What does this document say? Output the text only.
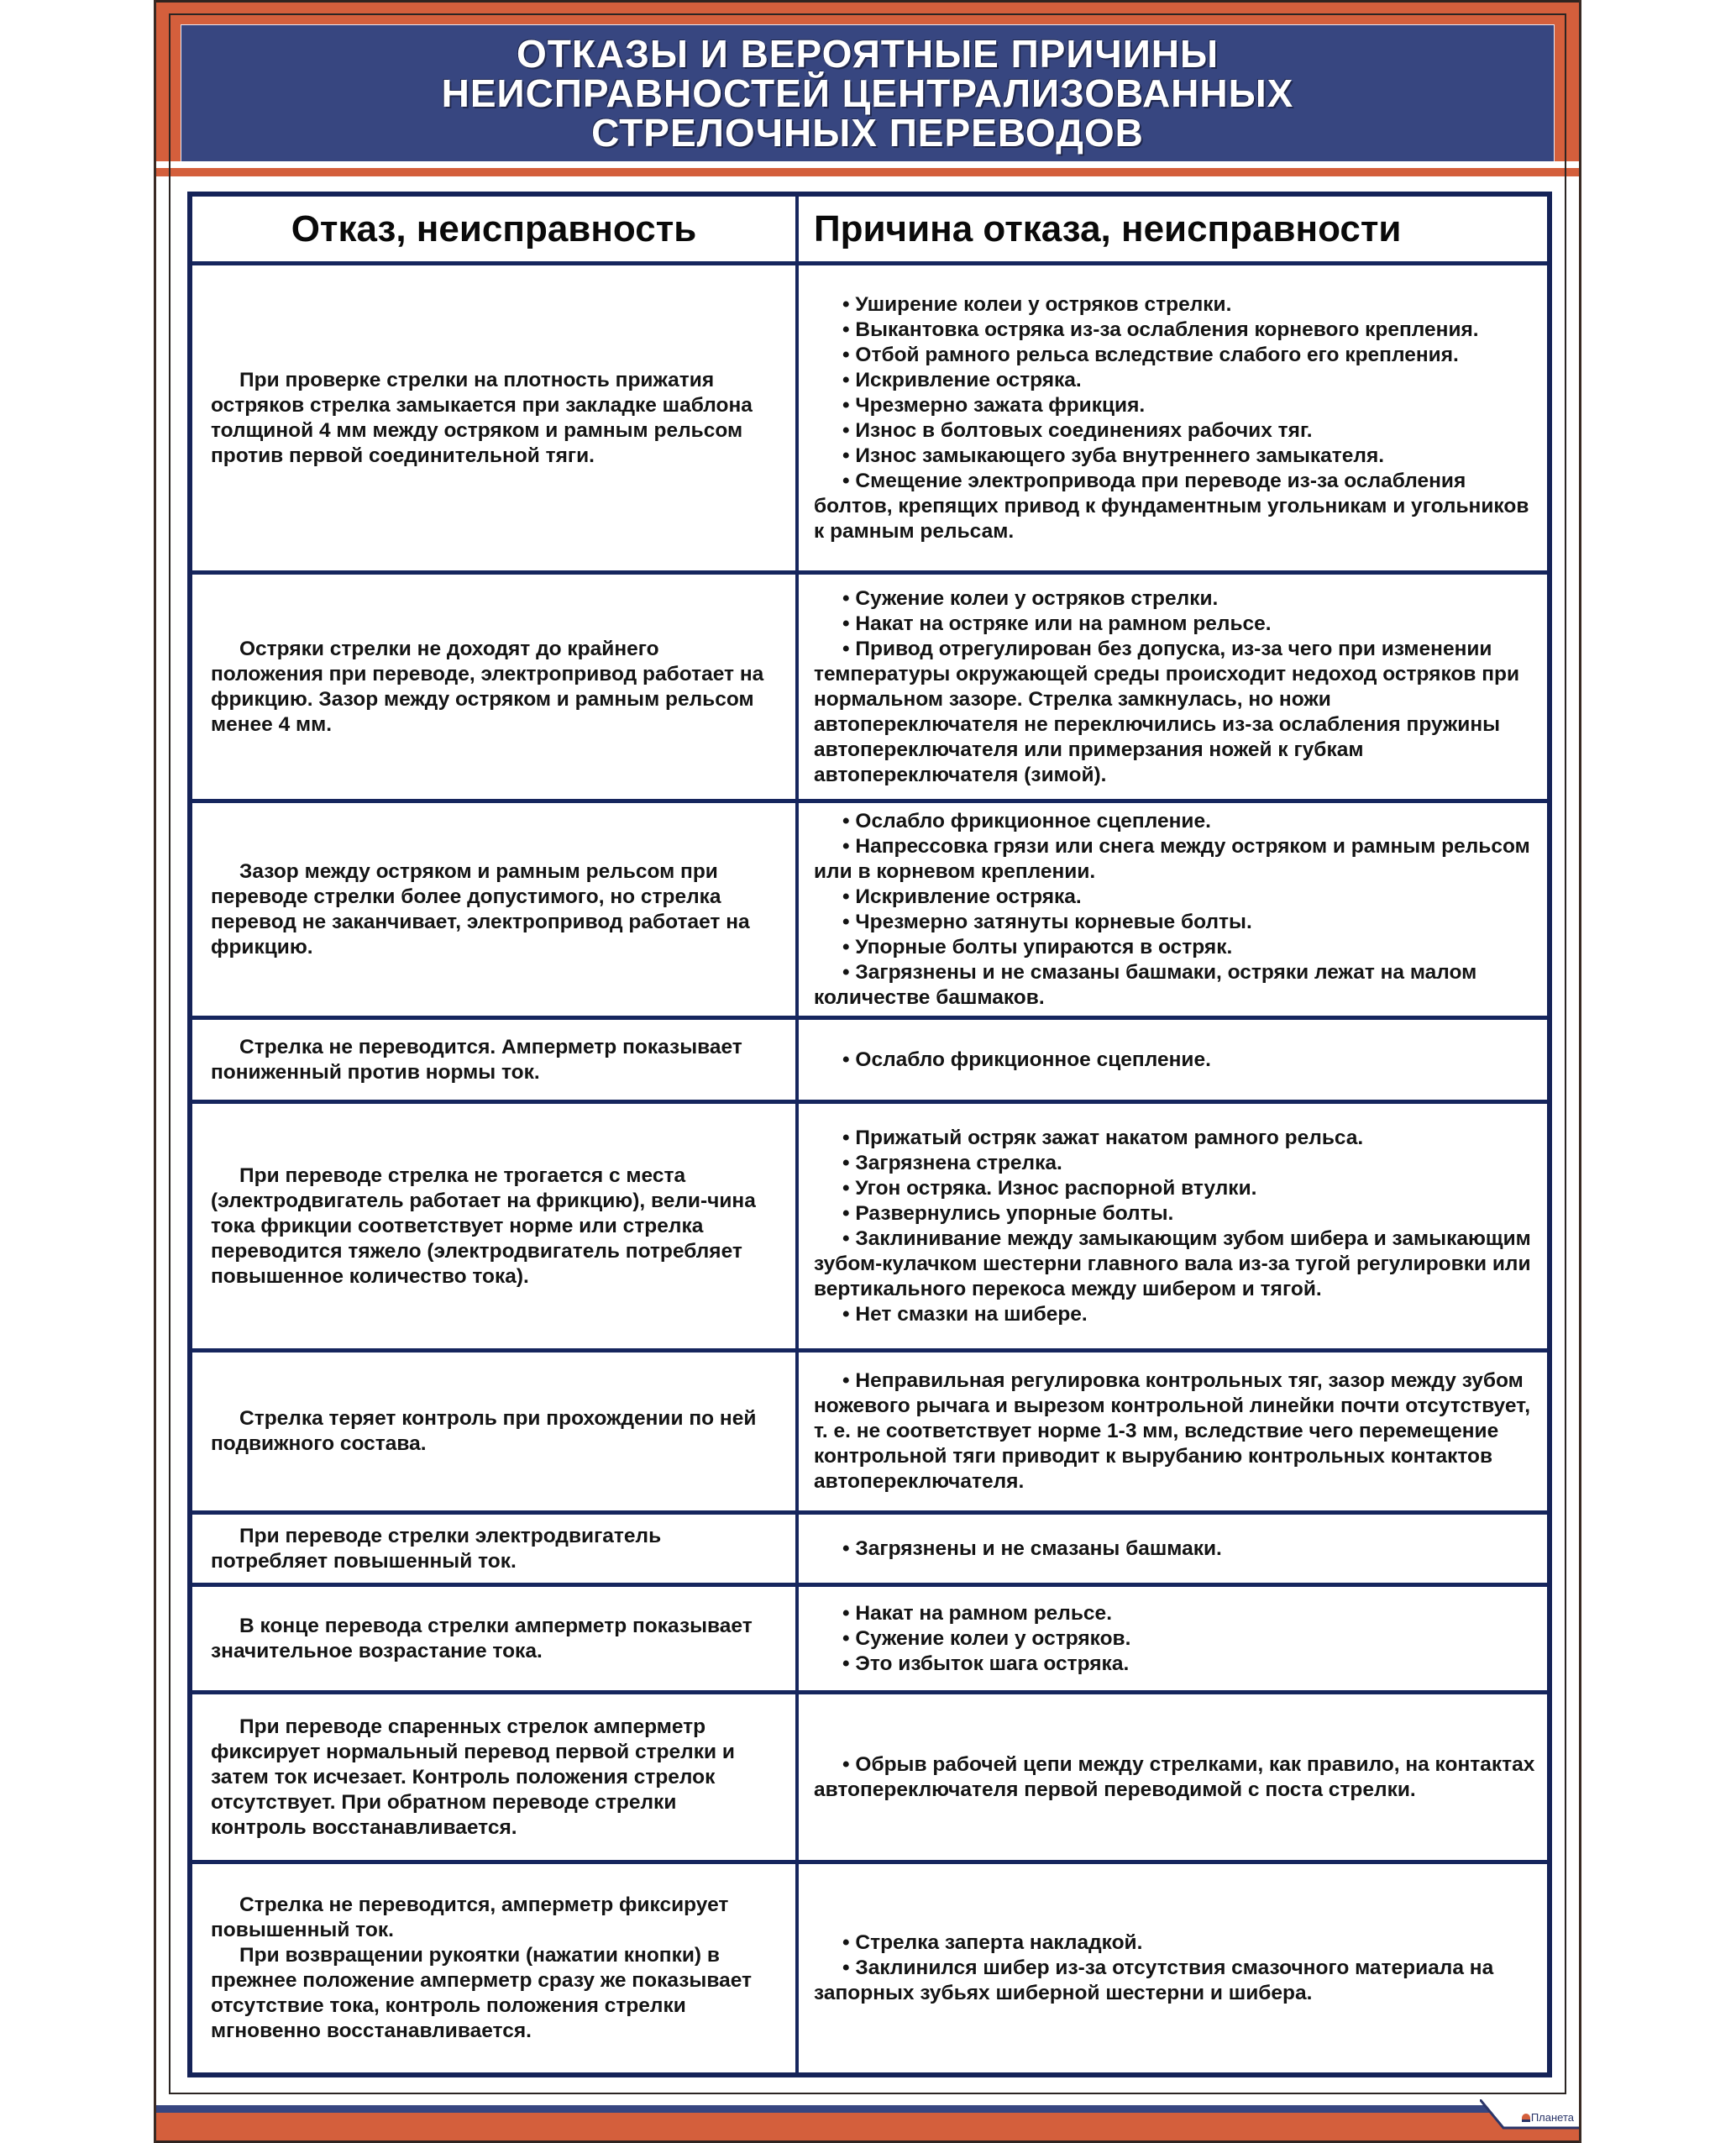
ОТКАЗЫ И ВЕРОЯТНЫЕ ПРИЧИНЫ
НЕИСПРАВНОСТЕЙ ЦЕНТРАЛИЗОВАННЫХ
СТРЕЛОЧНЫХ ПЕРЕВОДОВ
Отказ, неисправность	Причина отказа, неисправности

При проверке стрелки на плотность прижатия остряков стрелка замыкается при закладке шаблона толщиной 4 мм между остряком и рамным рельсом против первой соединительной тяги.

• Уширение колеи у остряков стрелки.

• Выкантовка остряка из-за ослабления корневого крепления.

• Отбой рамного рельса вследствие слабого его крепления.

• Искривление остряка.

• Чрезмерно зажата фрикция.

• Износ в болтовых соединениях рабочих тяг.

• Износ замыкающего зуба внутреннего замыкателя.

• Смещение электропривода при переводе из-за ослабления болтов, крепящих привод к фундаментным угольникам и угольников к рамным рельсам.

Остряки стрелки не доходят до крайнего положения при переводе, электропривод работает на фрикцию. Зазор между остряком и рамным рельсом менее 4 мм.

• Сужение колеи у остряков стрелки.

• Накат на остряке или на рамном рельсе.

• Привод отрегулирован без допуска, из-за чего при изменении температуры окружающей среды происходит недоход остряков при нормальном зазоре. Стрелка замкнулась, но ножи автопереключателя не переключились из-за ослабления пружины автопереключателя или примерзания ножей к губкам автопереключателя (зимой).

Зазор между остряком и рамным рельсом при переводе стрелки более допустимого, но стрелка перевод не заканчивает, электропривод работает на фрикцию.

• Ослабло фрикционное сцепление.

• Напрессовка грязи или снега между остряком и рамным рельсом или в корневом креплении.

• Искривление остряка.

• Чрезмерно затянуты корневые болты.

• Упорные болты упираются в остряк.

• Загрязнены и не смазаны башмаки, остряки лежат на малом количестве башмаков.

Стрелка не переводится. Амперметр показывает пониженный против нормы ток.

• Ослабло фрикционное сцепление.

При переводе стрелка не трогается с места (электродвигатель работает на фрикцию), вели-чина тока фрикции соответствует норме или стрелка переводится тяжело (электродвигатель потребляет повышенное количество тока).

• Прижатый остряк зажат накатом рамного рельса.

• Загрязнена стрелка.

• Угон остряка. Износ распорной втулки.

• Развернулись упорные болты.

• Заклинивание между замыкающим зубом шибера и замыкающим зубом-кулачком шестерни главного вала из-за тугой регулировки или вертикального перекоса между шибером и тягой.

• Нет смазки на шибере.

Стрелка теряет контроль при прохождении по ней подвижного состава.

• Неправильная регулировка контрольных тяг, зазор между зубом ножевого рычага и вырезом контрольной линейки почти отсутствует, т. е. не соответствует норме 1-3 мм, вследствие чего перемещение контрольной тяги приводит к вырубанию контрольных контактов автопереключателя.

При переводе стрелки электродвигатель потребляет повышенный ток.

• Загрязнены и не смазаны башмаки.

В конце перевода стрелки амперметр показывает значительное возрастание тока.

• Накат на рамном рельсе.

• Сужение колеи у остряков.

• Это избыток шага остряка.

При переводе спаренных стрелок амперметр фиксирует нормальный перевод первой стрелки и затем ток исчезает. Контроль положения стрелок отсутствует. При обратном переводе стрелки контроль восстанавливается.

• Обрыв рабочей цепи между стрелками, как правило, на контактах автопереключателя первой переводимой с поста стрелки.

Стрелка не переводится, амперметр фиксирует повышенный ток.

При возвращении рукоятки (нажатии кнопки) в прежнее положение амперметр сразу же показывает отсутствие тока, контроль положения стрелки мгновенно восстанавливается.

• Стрелка заперта накладкой.

• Заклинился шибер из-за отсутствия смазочного материала на запорных зубьях шиберной шестерни и шибера.

Планета
